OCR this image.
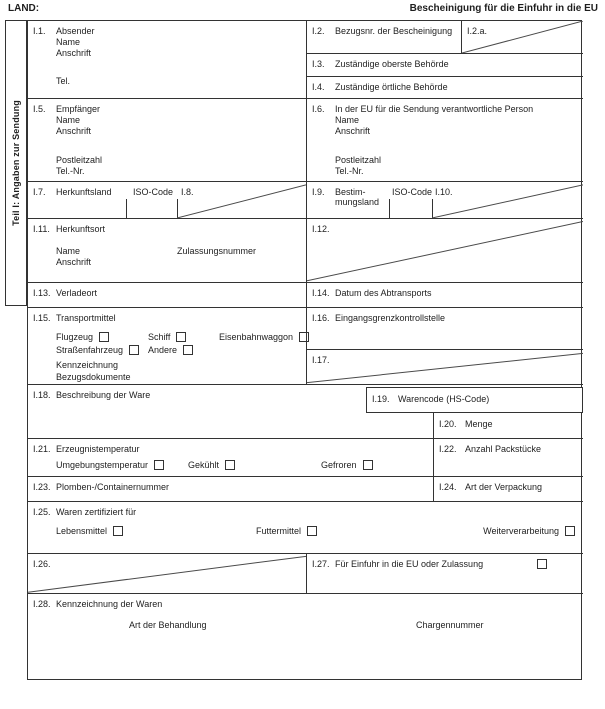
LAND:	Bescheinigung für die Einfuhr in die EU
Teil I: Angaben zur Sendung
I.1. Absender
Name
Anschrift
Tel.
I.2. Bezugsnr. der Bescheinigung I.2.a.
I.3. Zuständige oberste Behörde
I.4. Zuständige örtliche Behörde
I.5. Empfänger
Name
Anschrift
Postleitzahl
Tel.-Nr.
I.6. In der EU für die Sendung verantwortliche Person
Name
Anschrift
Postleitzahl
Tel.-Nr.
I.7. Herkunftsland ISO-Code I.8.	I.9. Bestim-
mungsland
ISO-Code I.10.
I.11. Herkunftsort
Name	Zulassungsnummer
Anschrift
I.12.
I.13. Verladeort	I.14. Datum des Abtransports
I.15. Transportmittel
Flugzeug	Schiff	Eisenbahnwaggon
Straßenfahrzeug	Andere
Kennzeichnung
Bezugsdokumente
I.16. Eingangsgrenzkontrollstelle
I.17.
I.18. Beschreibung der Ware	I.19. Warencode (HS-Code)
I.20. Menge
I.21. Erzeugnistemperatur
Umgebungstemperatur	Gekühlt	Gefroren
I.22. Anzahl Packstücke
I.23. Plomben-/Containernummer	I.24. Art der Verpackung
I.25. Waren zertifiziert für
Lebensmittel	Futtermittel	Weiterverarbeitung
I.26.	I.27. Für Einfuhr in die EU oder Zulassung
I.28. Kennzeichnung der Waren
Art der Behandlung	Chargennummer
